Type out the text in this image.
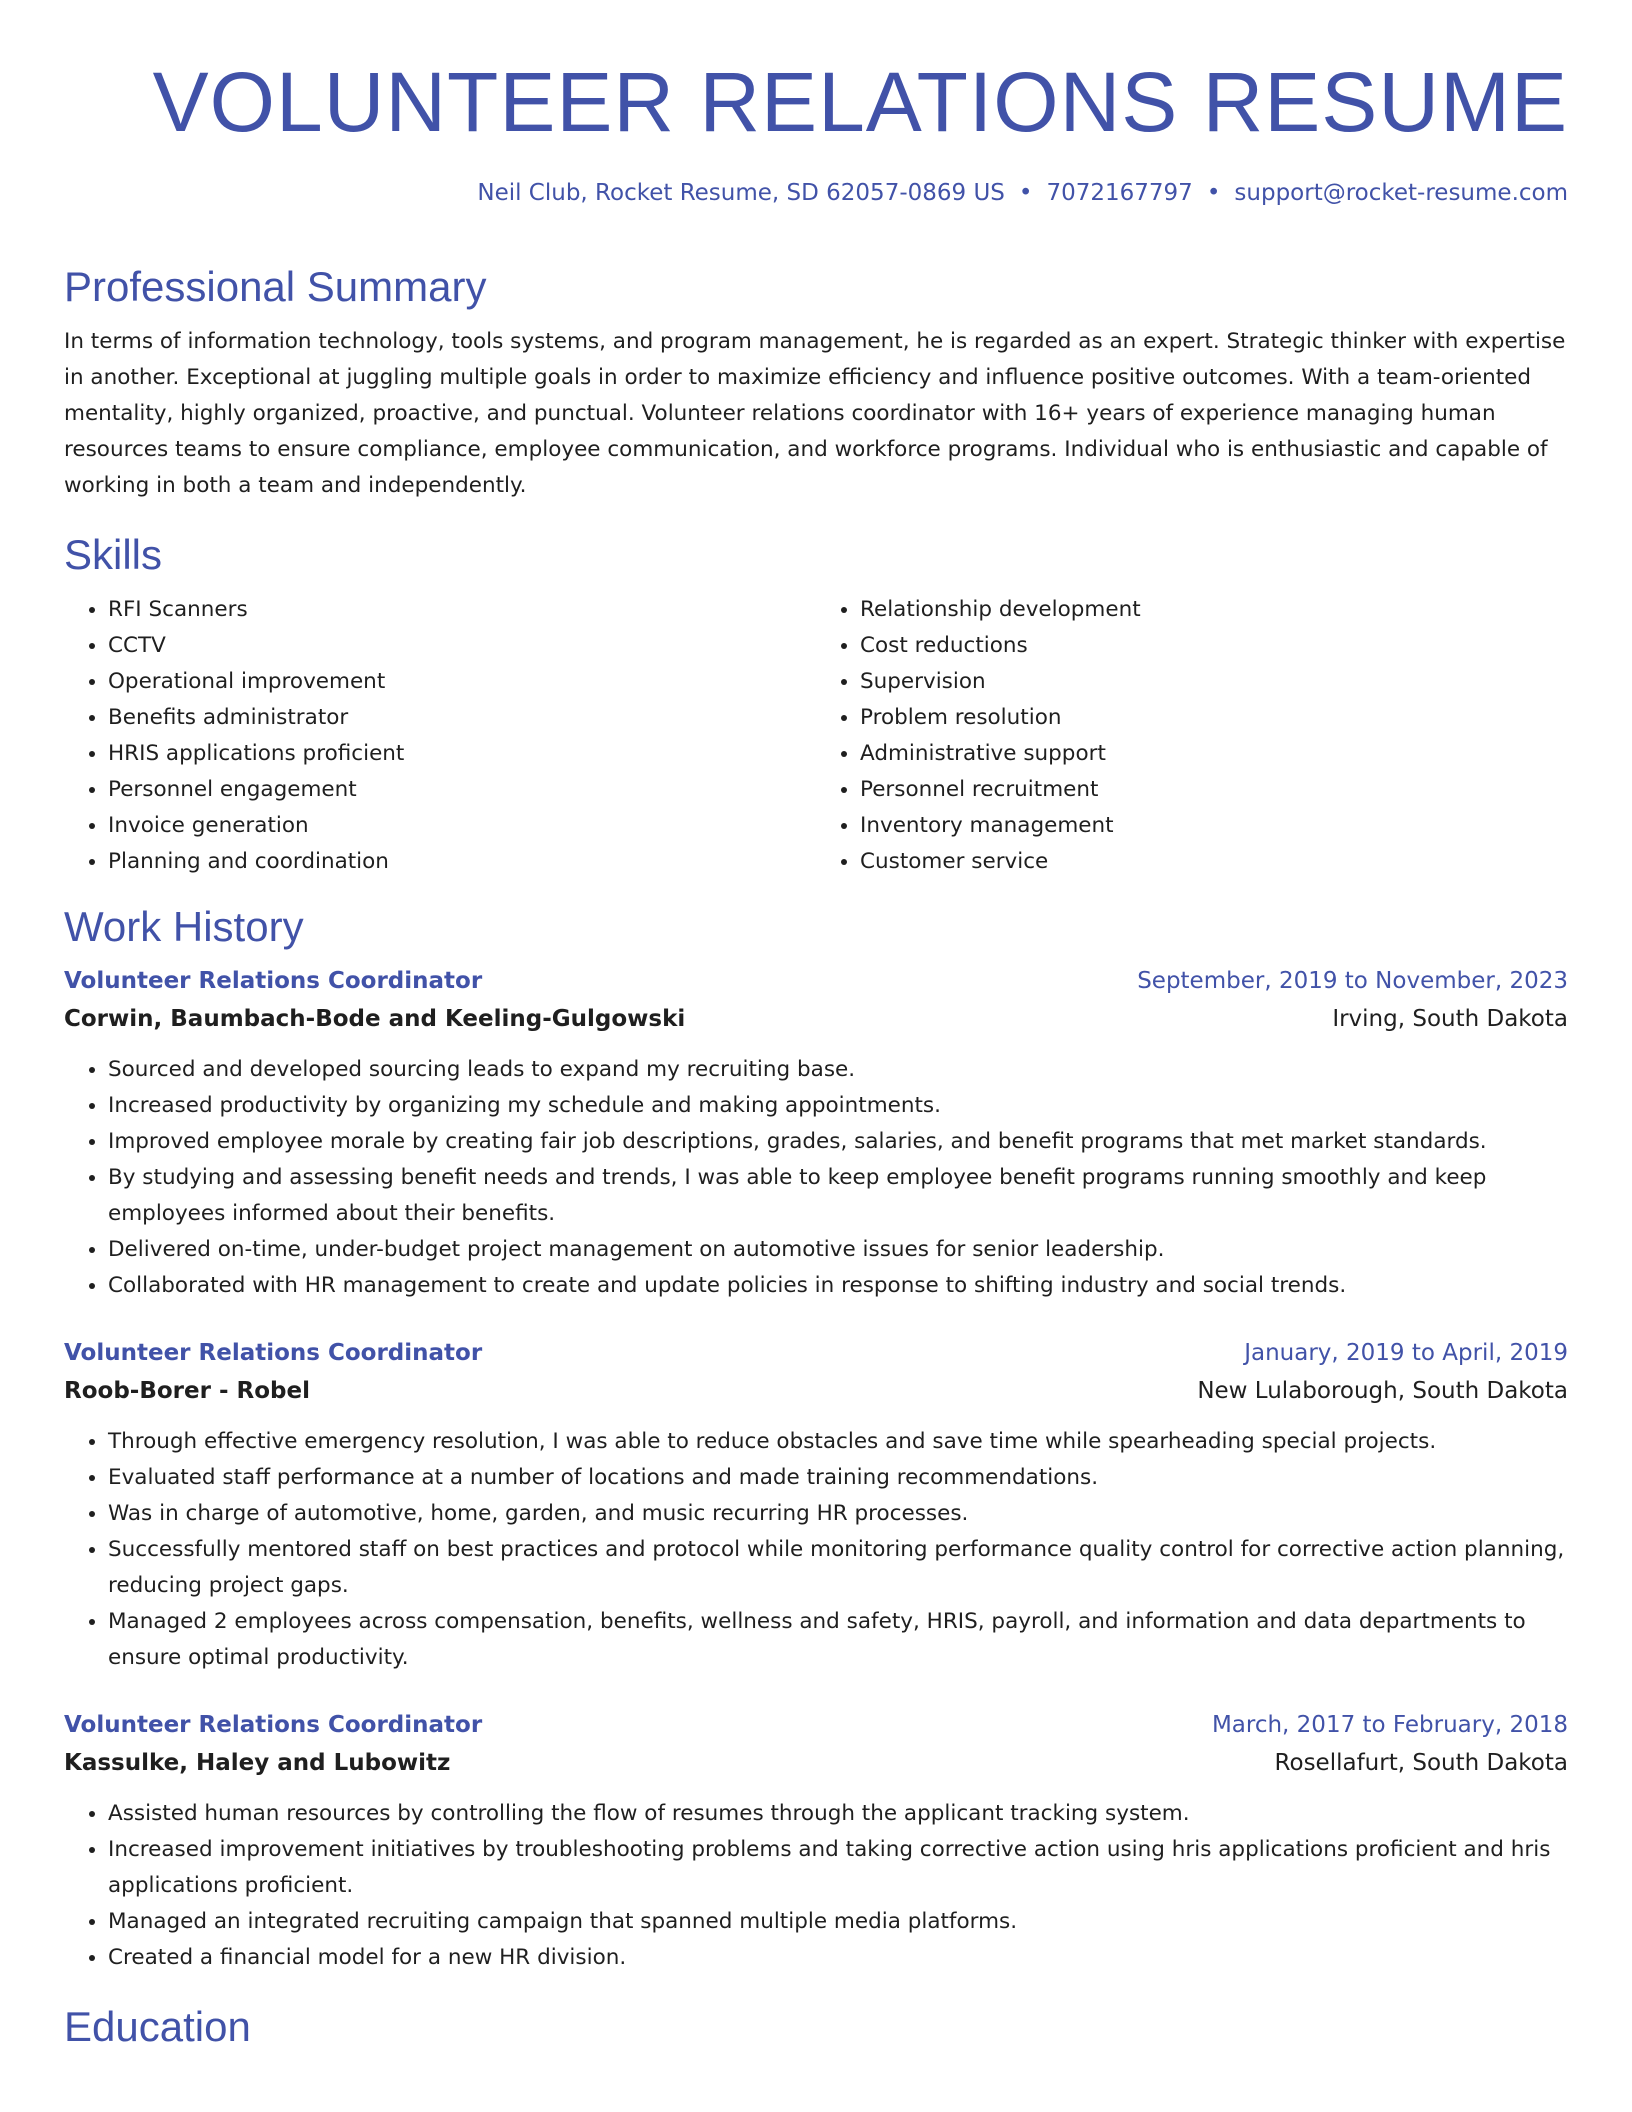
VOLUNTEER RELATIONS RESUME
Neil Club, Rocket Resume, SD 62057-0869 US • 7072167797 • support@rocket-resume.com
Professional Summary

In terms of information technology, tools systems, and program management, he is regarded as an expert. Strategic thinker with expertise in another. Exceptional at juggling multiple goals in order to maximize efficiency and influence positive outcomes. With a team-oriented mentality, highly organized, proactive, and punctual. Volunteer relations coordinator with 16+ years of experience managing human resources teams to ensure compliance, employee communication, and workforce programs. Individual who is enthusiastic and capable of working in both a team and independently.

Skills
• RFI Scanners
• CCTV
• Operational improvement
• Benefits administrator
• HRIS applications proficient
• Personnel engagement
• Invoice generation
• Planning and coordination
• Relationship development
• Cost reductions
• Supervision
• Problem resolution
• Administrative support
• Personnel recruitment
• Inventory management
• Customer service
Work History
Volunteer Relations Coordinator	September, 2019 to November, 2023
Corwin, Baumbach-Bode and Keeling-Gulgowski	Irving, South Dakota
• Sourced and developed sourcing leads to expand my recruiting base.
• Increased productivity by organizing my schedule and making appointments.
• Improved employee morale by creating fair job descriptions, grades, salaries, and benefit programs that met market standards.
• By studying and assessing benefit needs and trends, I was able to keep employee benefit programs running smoothly and keep employees informed about their benefits.
• Delivered on-time, under-budget project management on automotive issues for senior leadership.
• Collaborated with HR management to create and update policies in response to shifting industry and social trends.
Volunteer Relations Coordinator	January, 2019 to April, 2019
Roob-Borer - Robel	New Lulaborough, South Dakota
• Through effective emergency resolution, I was able to reduce obstacles and save time while spearheading special projects.
• Evaluated staff performance at a number of locations and made training recommendations.
• Was in charge of automotive, home, garden, and music recurring HR processes.
• Successfully mentored staff on best practices and protocol while monitoring performance quality control for corrective action planning, reducing project gaps.
• Managed 2 employees across compensation, benefits, wellness and safety, HRIS, payroll, and information and data departments to ensure optimal productivity.
Volunteer Relations Coordinator	March, 2017 to February, 2018
Kassulke, Haley and Lubowitz	Rosellafurt, South Dakota
• Assisted human resources by controlling the flow of resumes through the applicant tracking system.
• Increased improvement initiatives by troubleshooting problems and taking corrective action using hris applications proficient and hris applications proficient.
• Managed an integrated recruiting campaign that spanned multiple media platforms.
• Created a financial model for a new HR division.
Education
